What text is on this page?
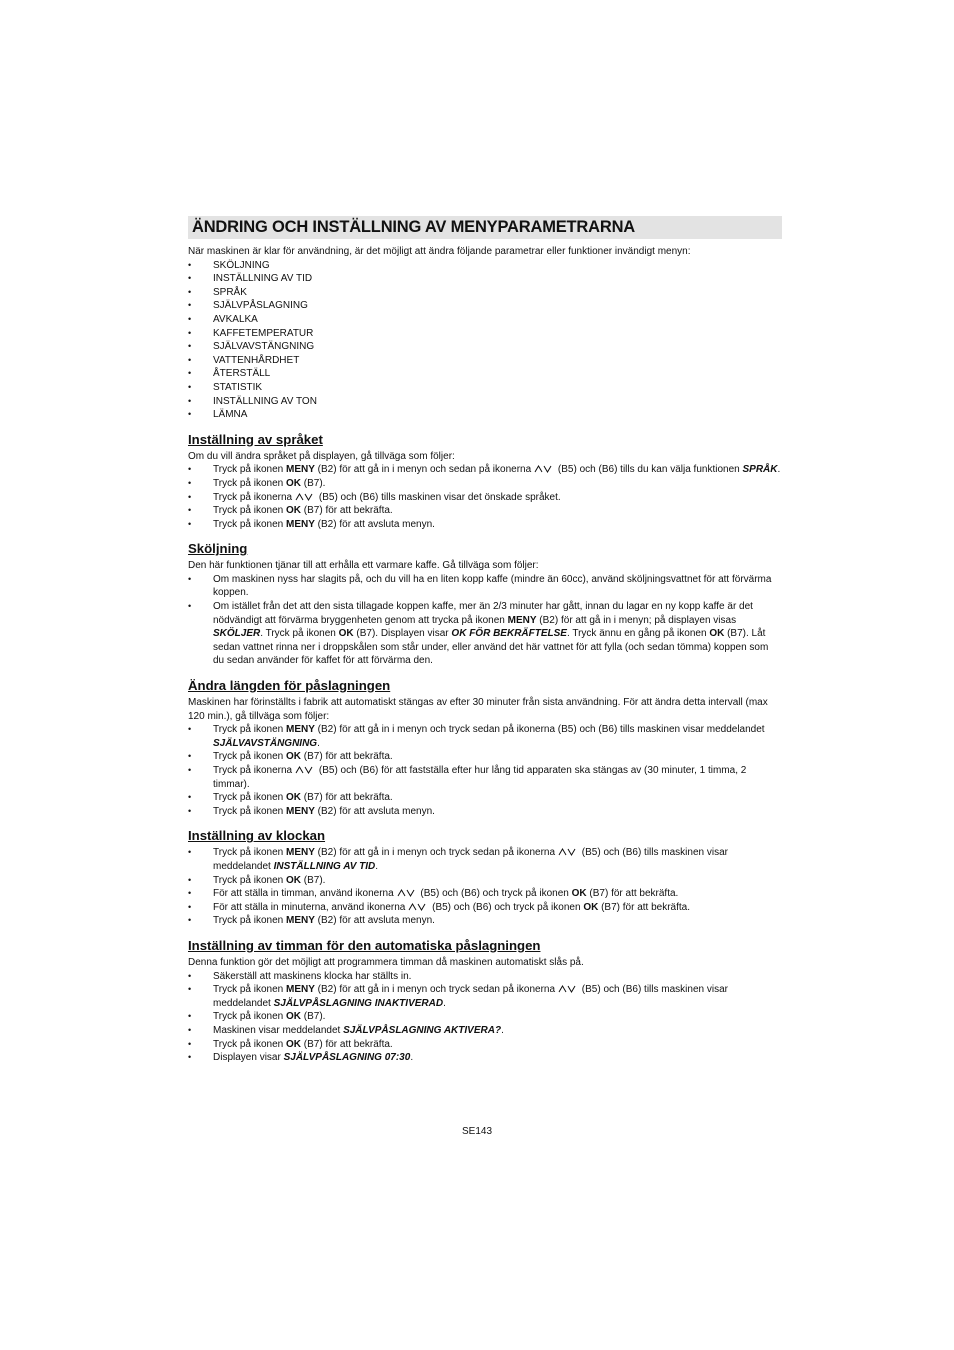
ÄNDRING OCH INSTÄLLNING AV MENYPARAMETRARNA

När maskinen är klar för användning, är det möjligt att ändra följande parametrar eller funktioner invändigt menyn:

• SKÖLJNING
• INSTÄLLNING AV TID
• SPRÅK
• SJÄLVPÅSLAGNING
• AVKALKA
• KAFFETEMPERATUR
• SJÄLVAVSTÄNGNING
• VATTENHÅRDHET
• ÅTERSTÄLL
• STATISTIK
• INSTÄLLNING AV TON
• LÄMNA
Inställning av språket

Om du vill ändra språket på displayen, gå tillväga som följer:

• Tryck på ikonen MENY (B2) för att gå in i menyn och sedan på ikonerna
(B5) och (B6) tills du kan välja funktionen SPRÅK.
• Tryck på ikonen OK (B7).
• Tryck på ikonerna
(B5) och (B6) tills maskinen visar det önskade språket.
• Tryck på ikonen OK (B7) för att bekräfta.
• Tryck på ikonen MENY (B2) för att avsluta menyn.
Sköljning

Den här funktionen tjänar till att erhålla ett varmare kaffe. Gå tillväga som följer:

• Om maskinen nyss har slagits på, och du vill ha en liten kopp kaffe (mindre än 60cc), använd sköljningsvattnet för att förvärma koppen.
• Om istället från det att den sista tillagade koppen kaffe, mer än 2/3 minuter har gått, innan du lagar en ny kopp kaffe är det nödvändigt att förvärma bryggenheten genom att trycka på ikonen MENY (B2) för att gå in i menyn; på displayen visas SKÖLJER. Tryck på ikonen OK (B7). Displayen visar OK FÖR BEKRÄFTELSE. Tryck ännu en gång på ikonen OK (B7). Låt sedan vattnet rinna ner i droppskålen som står under, eller använd det här vattnet för att fylla (och sedan tömma) koppen som du sedan använder för kaffet för att förvärma den.
Ändra längden för påslagningen

Maskinen har förinställts i fabrik att automatiskt stängas av efter 30 minuter från sista användning. För att ändra detta intervall (max 120 min.), gå tillväga som följer:

• Tryck på ikonen MENY (B2) för att gå in i menyn och tryck sedan på ikonerna (B5) och (B6) tills maskinen visar meddelandet SJÄLVAVSTÄNGNING.
• Tryck på ikonen OK (B7) för att bekräfta.
• Tryck på ikonerna
(B5) och (B6) för att fastställa efter hur lång tid apparaten ska stängas av (30 minuter, 1 timma, 2 timmar).
• Tryck på ikonen OK (B7) för att bekräfta.
• Tryck på ikonen MENY (B2) för att avsluta menyn.
Inställning av klockan
• Tryck på ikonen MENY (B2) för att gå in i menyn och tryck sedan på ikonerna
(B5) och (B6) tills maskinen visar meddelandet INSTÄLLNING AV TID.
• Tryck på ikonen OK (B7).
• För att ställa in timman, använd ikonerna
(B5) och (B6) och tryck på ikonen OK (B7) för att bekräfta.
• För att ställa in minuterna, använd ikonerna
(B5) och (B6) och tryck på ikonen OK (B7) för att bekräfta.
• Tryck på ikonen MENY (B2) för att avsluta menyn.
Inställning av timman för den automatiska påslagningen

Denna funktion gör det möjligt att programmera timman då maskinen automatiskt slås på.

• Säkerställ att maskinens klocka har ställts in.
• Tryck på ikonen MENY (B2) för att gå in i menyn och tryck sedan på ikonerna
(B5) och (B6) tills maskinen visar meddelandet SJÄLVPÅSLAGNING INAKTIVERAD.
• Tryck på ikonen OK (B7).
• Maskinen visar meddelandet SJÄLVPÅSLAGNING AKTIVERA?.
• Tryck på ikonen OK (B7) för att bekräfta.
• Displayen visar SJÄLVPÅSLAGNING 07:30.
SE143
